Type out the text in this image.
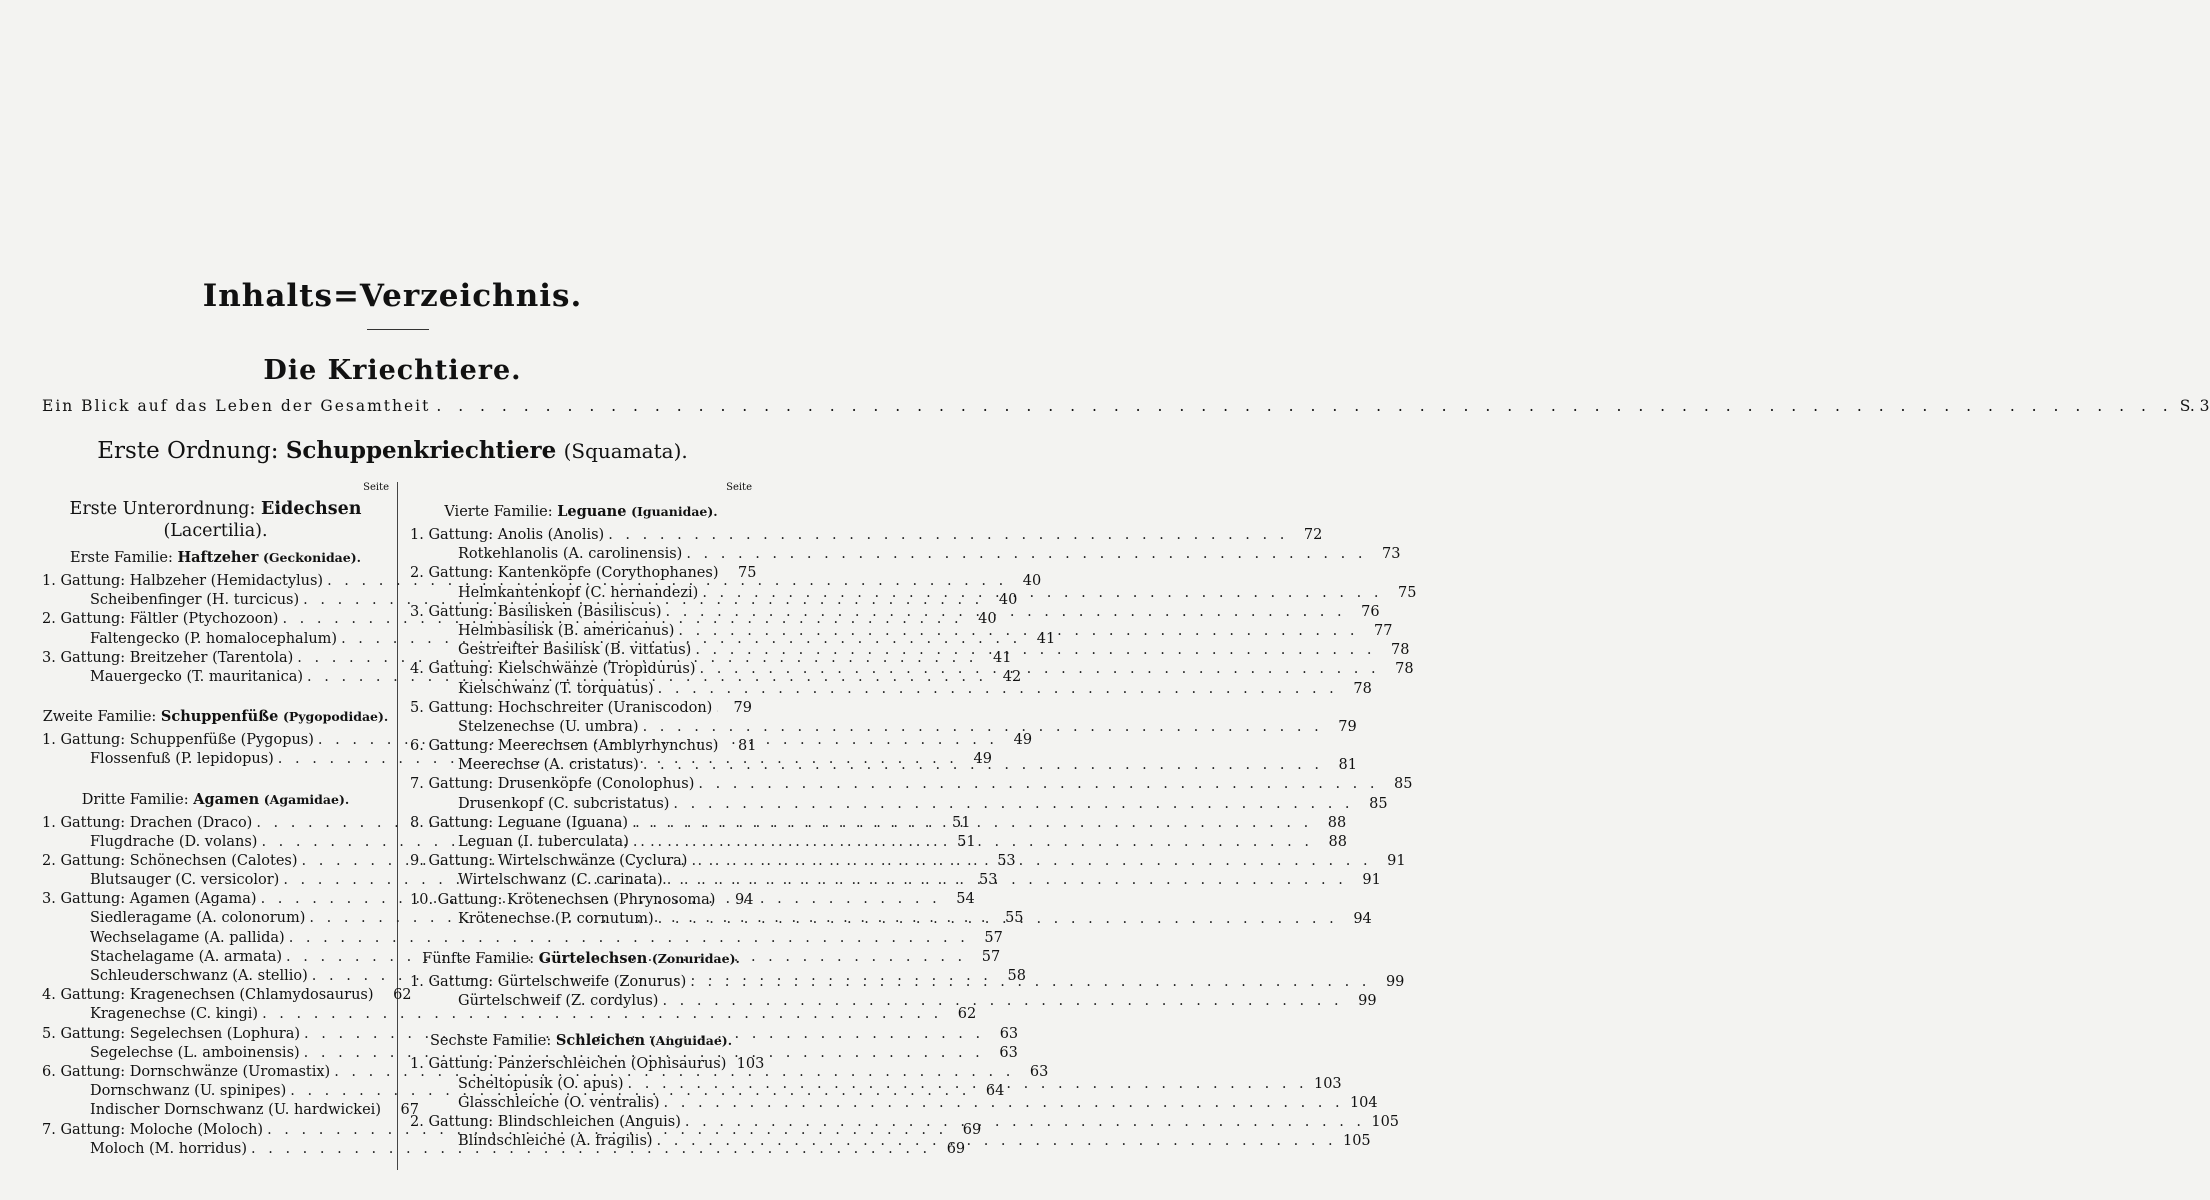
Inhalts=Verzeichnis.
Die Kriechtiere.
Ein Blick auf das Leben der Gesamtheit . . .	S. 3
Erste Ordnung: Schuppenkriechtiere (Squamata).
Seite
Erste Unterordnung: Eidechsen
(Lacertilia).
Erste Familie: Haftzeher (Geckonidae).
1. Gattung: Halbzeher (Hemidactylus) . . .	40
Scheibenfinger (H. turcicus) . . .	40
2. Gattung: Fältler (Ptychozoon) . . .	40
Faltengecko (P. homalocephalum) . . .	41
3. Gattung: Breitzeher (Tarentola) . . .	41
Mauergecko (T. mauritanica) . . .	42
Zweite Familie: Schuppenfüße (Pygopodidae).
1. Gattung: Schuppenfüße (Pygopus) . . .	49
Flossenfuß (P. lepidopus) . . .	49
Dritte Familie: Agamen (Agamidae).
1. Gattung: Drachen (Draco) . . .	51
Flugdrache (D. volans) . . .	51
2. Gattung: Schönechsen (Calotes) . . .	53
Blutsauger (C. versicolor) . . .	53
3. Gattung: Agamen (Agama) . . .	54
Siedleragame (A. colonorum) . . .	55
Wechselagame (A. pallida) . . .	57
Stachelagame (A. armata) . . .	57
Schleuderschwanz (A. stellio) . . .	58
4. Gattung: Kragenechsen (Chlamydosaurus)	62
Kragenechse (C. kingi) . . .	62
5. Gattung: Segelechsen (Lophura) . . .	63
Segelechse (L. amboinensis) . . .	63
6. Gattung: Dornschwänze (Uromastix) . . .	63
Dornschwanz (U. spinipes) . . .	64
Indischer Dornschwanz (U. hardwickei)	67
7. Gattung: Moloche (Moloch) . . .	69
Moloch (M. horridus) . . .	69
Seite
Vierte Familie: Leguane (Iguanidae).
1. Gattung: Anolis (Anolis) . . .	72
Rotkehlanolis (A. carolinensis) . . .	73
2. Gattung: Kantenköpfe (Corythophanes)	75
Helmkantenkopf (C. hernandezi) . . .	75
3. Gattung: Basilisken (Basiliscus) . . .	76
Helmbasilisk (B. americanus) . . .	77
Gestreifter Basilisk (B. vittatus) . . .	78
4. Gattung: Kielschwänze (Tropidurus) . . .	78
Kielschwanz (T. torquatus) . . .	78
5. Gattung: Hochschreiter (Uraniscodon) . . .	79
Stelzenechse (U. umbra) . . .	79
6. Gattung: Meerechsen (Amblyrhynchus)	81
Meerechse (A. cristatus) . . .	81
7. Gattung: Drusenköpfe (Conolophus) . . .	85
Drusenkopf (C. subcristatus) . . .	85
8. Gattung: Leguane (Iguana) . . .	88
Leguan (I. tuberculata) . . .	88
9. Gattung: Wirtelschwänze (Cyclura) . . .	91
Wirtelschwanz (C. carinata) . . .	91
10. Gattung: Krötenechsen (Phrynosoma)	94
Krötenechse (P. cornutum) . . .	94
Fünfte Familie: Gürtelechsen (Zonuridae).
1. Gattung: Gürtelschweife (Zonurus) . . .	99
Gürtelschweif (Z. cordylus) . . .	99
Sechste Familie: Schleichen (Anguidae).
1. Gattung: Panzerschleichen (Ophisaurus) 103
Scheltopusik (O. apus) . . .	103
Glasschleiche (O. ventralis) . . .	104
2. Gattung: Blindschleichen (Anguis) . . .	105
Blindschleiche (A. fragilis) . . .	105
